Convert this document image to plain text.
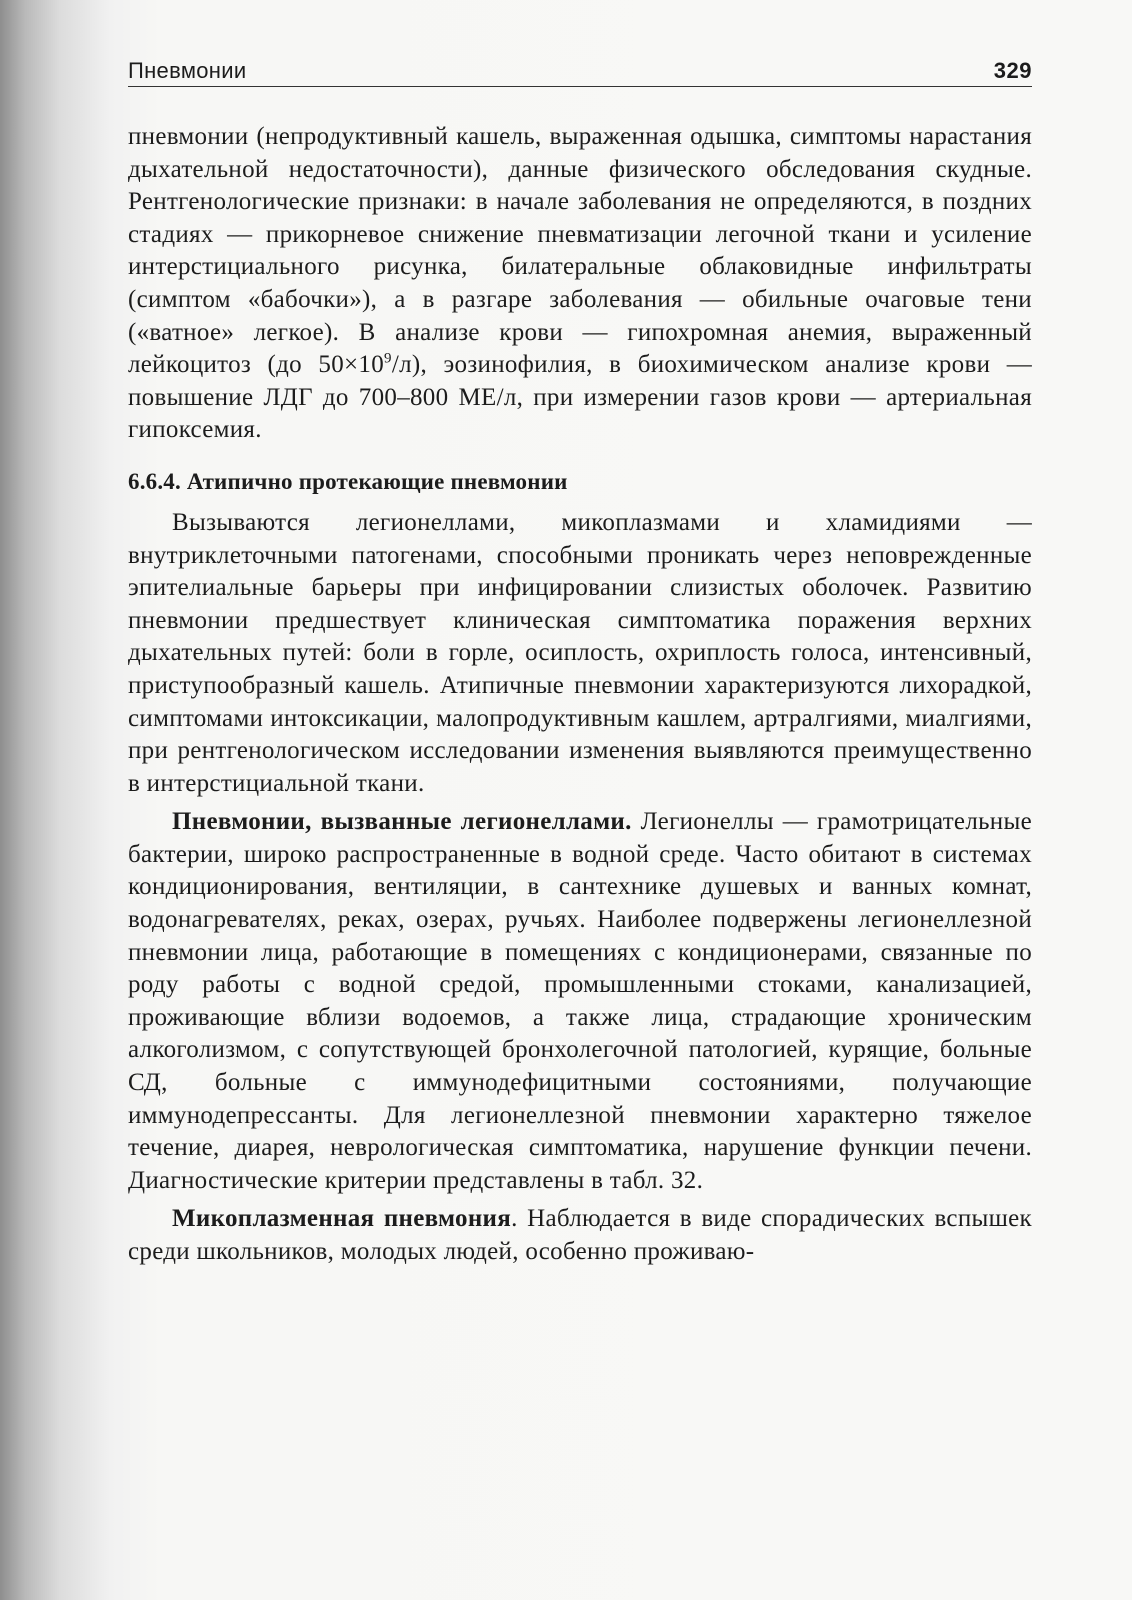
Пневмонии	329

пневмонии (непродуктивный кашель, выраженная одышка, симптомы нарастания дыхательной недостаточности), данные физического обследования скудные. Рентгенологические признаки: в начале заболевания не определяются, в поздних стадиях — прикорневое снижение пневматизации легочной ткани и усиление интерстициального рисунка, билатеральные облаковидные инфильтраты (симптом «бабочки»), а в разгаре заболевания — обильные очаговые тени («ватное» легкое). В анализе крови — гипохромная анемия, выраженный лейкоцитоз (до $50\times 10^9/л$), эозинофилия, в биохимическом анализе крови — повышение ЛДГ до 700–800 МЕ/л, при измерении газов крови — артериальная гипоксемия.

6.6.4. Атипично протекающие пневмонии

Вызываются легионеллами, микоплазмами и хламидиями — внутриклеточными патогенами, способными проникать через неповрежденные эпителиальные барьеры при инфицировании слизистых оболочек. Развитию пневмонии предшествует клиническая симптоматика поражения верхних дыхательных путей: боли в горле, осиплость, охриплость голоса, интенсивный, приступообразный кашель. Атипичные пневмонии характеризуются лихорадкой, симптомами интоксикации, малопродуктивным кашлем, артралгиями, миалгиями, при рентгенологическом исследовании изменения выявляются преимущественно в интерстициальной ткани.

Пневмонии, вызванные легионеллами. Легионеллы — грамотрицательные бактерии, широко распространенные в водной среде. Часто обитают в системах кондиционирования, вентиляции, в сантехнике душевых и ванных комнат, водонагревателях, реках, озерах, ручьях. Наиболее подвержены легионеллезной пневмонии лица, работающие в помещениях с кондиционерами, связанные по роду работы с водной средой, промышленными стоками, канализацией, проживающие вблизи водоемов, а также лица, страдающие хроническим алкоголизмом, с сопутствующей бронхолегочной патологией, курящие, больные СД, больные с иммунодефицитными состояниями, получающие иммунодепрессанты. Для легионеллезной пневмонии характерно тяжелое течение, диарея, неврологическая симптоматика, нарушение функции печени. Диагностические критерии представлены в табл. 32.

Микоплазменная пневмония. Наблюдается в виде спорадических вспышек среди школьников, молодых людей, особенно проживаю-
